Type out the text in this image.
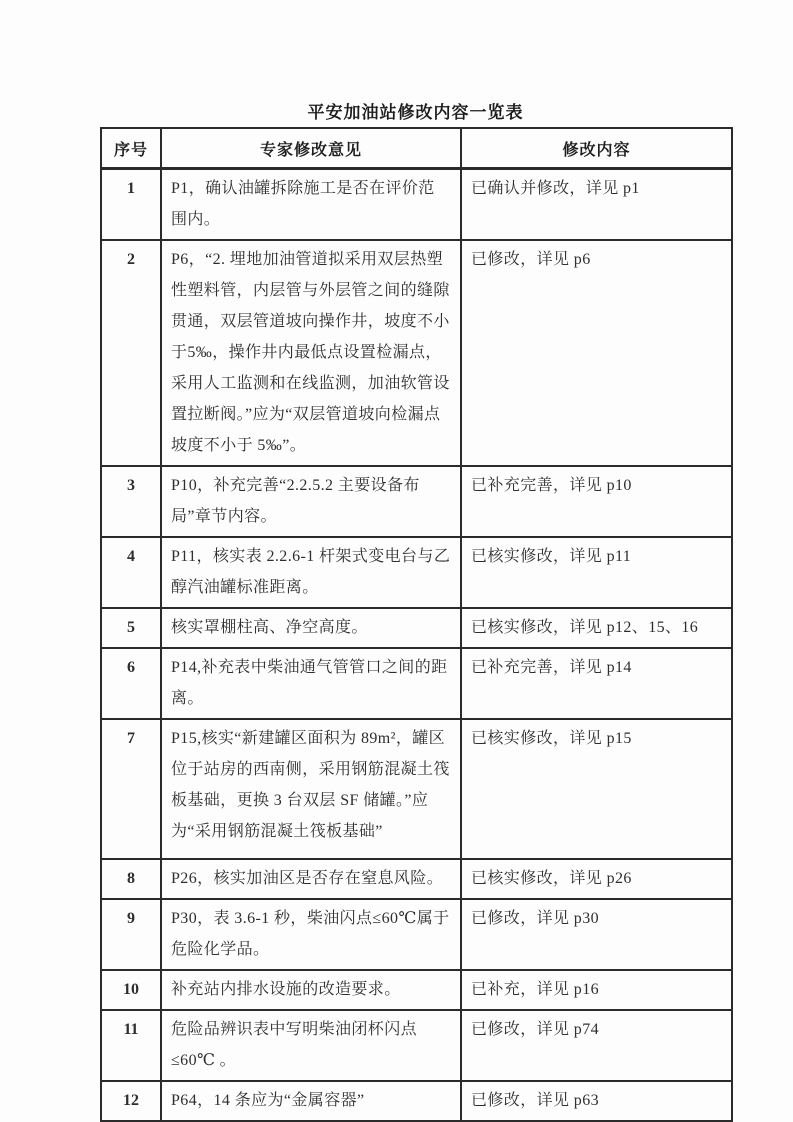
平安加油站修改内容一览表
序号	专家修改意见	修改内容
1	P1，确认油罐拆除施工是否在评价范围内。	已确认并修改，详见 p1
2	P6，“2. 埋地加油管道拟采用双层热塑性塑料管，内层管与外层管之间的缝隙贯通，双层管道坡向操作井，坡度不小于5‰，操作井内最低点设置检漏点，采用人工监测和在线监测，加油软管设置拉断阀。”应为“双层管道坡向检漏点坡度不小于 5‰”。	已修改，详见 p6
3	P10，补充完善“2.2.5.2 主要设备布局”章节内容。	已补充完善，详见 p10
4	P11，核实表 2.2.6-1 杆架式变电台与乙醇汽油罐标准距离。	已核实修改，详见 p11
5	核实罩棚柱高、净空高度。	已核实修改，详见 p12、15、16
6	P14,补充表中柴油通气管管口之间的距离。	已补充完善，详见 p14
7	P15,核实“新建罐区面积为 89m²，罐区位于站房的西南侧，采用钢筋混凝土筏板基础，更换 3 台双层 SF 储罐。”应为“采用钢筋混凝土筏板基础”	已核实修改，详见 p15
8	P26，核实加油区是否存在窒息风险。	已核实修改，详见 p26
9	P30，表 3.6-1 秒，柴油闪点≤60℃属于危险化学品。	已修改，详见 p30
10	补充站内排水设施的改造要求。	已补充，详见 p16
11	危险品辨识表中写明柴油闭杯闪点≤60℃ 。	已修改，详见 p74
12	P64，14 条应为“金属容器”	已修改，详见 p63
